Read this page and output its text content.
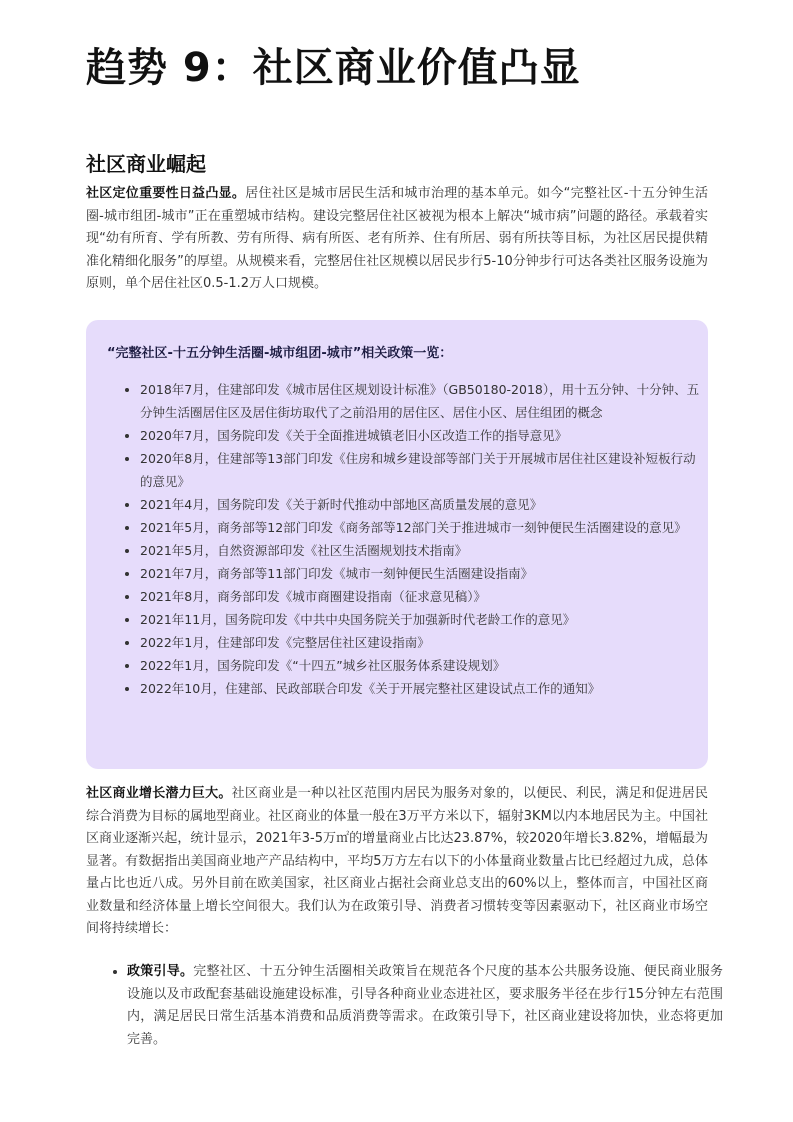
趋势 9：社区商业价值凸显
社区商业崛起

社区定位重要性日益凸显。居住社区是城市居民生活和城市治理的基本单元。如今“完整社区-十五分钟生活圈-城市组团-城市”正在重塑城市结构。建设完整居住社区被视为根本上解决“城市病”问题的路径。承载着实现“幼有所育、学有所教、劳有所得、病有所医、老有所养、住有所居、弱有所扶等目标，为社区居民提供精准化精细化服务”的厚望。从规模来看，完整居住社区规模以居民步行5-10分钟步行可达各类社区服务设施为原则，单个居住社区0.5-1.2万人口规模。

“完整社区-十五分钟生活圈-城市组团-城市”相关政策一览：

• 2018年7月，住建部印发《城市居住区规划设计标准》（GB50180-2018），用十五分钟、十分钟、五分钟生活圈居住区及居住街坊取代了之前沿用的居住区、居住小区、居住组团的概念
• 2020年7月，国务院印发《关于全面推进城镇老旧小区改造工作的指导意见》
• 2020年8月，住建部等13部门印发《住房和城乡建设部等部门关于开展城市居住社区建设补短板行动的意见》
• 2021年4月，国务院印发《关于新时代推动中部地区高质量发展的意见》
• 2021年5月，商务部等12部门印发《商务部等12部门关于推进城市一刻钟便民生活圈建设的意见》
• 2021年5月，自然资源部印发《社区生活圈规划技术指南》
• 2021年7月，商务部等11部门印发《城市一刻钟便民生活圈建设指南》
• 2021年8月，商务部印发《城市商圈建设指南（征求意见稿）》
• 2021年11月，国务院印发《中共中央国务院关于加强新时代老龄工作的意见》
• 2022年1月，住建部印发《完整居住社区建设指南》
• 2022年1月，国务院印发《“十四五”城乡社区服务体系建设规划》
• 2022年10月，住建部、民政部联合印发《关于开展完整社区建设试点工作的通知》

社区商业增长潜力巨大。社区商业是一种以社区范围内居民为服务对象的，以便民、利民，满足和促进居民综合消费为目标的属地型商业。社区商业的体量一般在3万平方米以下，辐射3KM以内本地居民为主。中国社区商业逐渐兴起，统计显示，2021年3-5万㎡的增量商业占比达23.87%，较2020年增长3.82%，增幅最为显著。有数据指出美国商业地产产品结构中，平均5万方左右以下的小体量商业数量占比已经超过九成，总体量占比也近八成。另外目前在欧美国家，社区商业占据社会商业总支出的60%以上，整体而言，中国社区商业数量和经济体量上增长空间很大。我们认为在政策引导、消费者习惯转变等因素驱动下，社区商业市场空间将持续增长：

• 政策引导。完整社区、十五分钟生活圈相关政策旨在规范各个尺度的基本公共服务设施、便民商业服务设施以及市政配套基础设施建设标准，引导各种商业业态进社区，要求服务半径在步行15分钟左右范围内，满足居民日常生活基本消费和品质消费等需求。在政策引导下，社区商业建设将加快，业态将更加完善。
